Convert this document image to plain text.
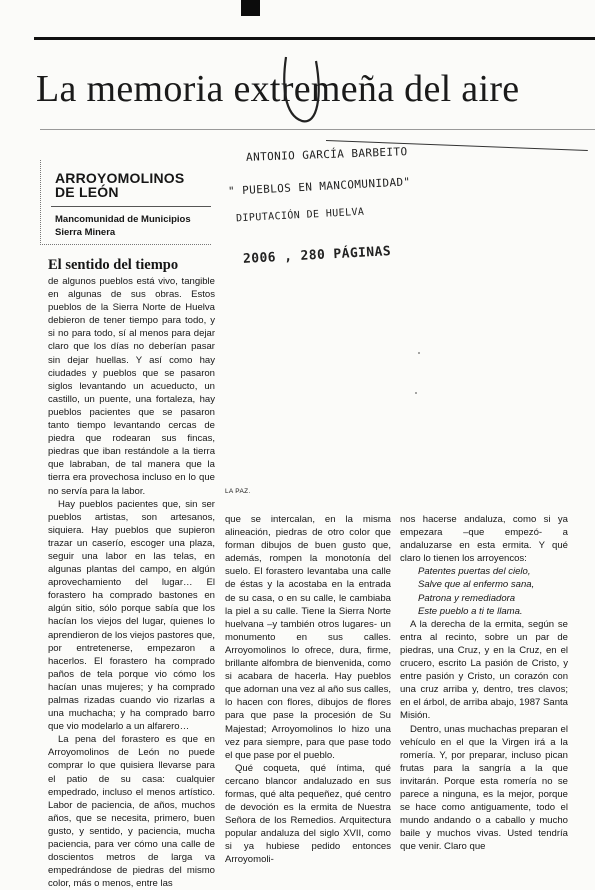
La memoria extremeña del aire
ARROYOMOLINOS
DE LEÓN
Mancomunidad de Municipios
Sierra Minera
ANTONIO GARCÍA BARBEITO
" PUEBLOS EN MANCOMUNIDAD"
DIPUTACIÓN DE HUELVA
2006 , 280 PÁGINAS
El sentido del tiempo

de algunos pueblos está vivo, tangible en algunas de sus obras. Estos pueblos de la Sierra Norte de Huelva debieron de tener tiempo para todo, y si no para todo, sí al menos para dejar claro que los días no deberían pasar sin dejar huellas. Y así como hay ciudades y pueblos que se pasaron siglos levantando un acueducto, un castillo, un puente, una fortaleza, hay pueblos pacientes que se pasaron tanto tiempo levantando cercas de piedra que rodearan sus fincas, piedras que iban restándole a la tierra que labraban, de tal manera que la tierra era provechosa incluso en lo que no servía para la labor.

Hay pueblos pacientes que, sin ser pueblos artistas, son artesanos, siquiera. Hay pueblos que supieron trazar un caserío, escoger una plaza, seguir una labor en las telas, en algunas plantas del campo, en algún aprovechamiento del lugar… El forastero ha comprado bastones en algún sitio, sólo porque sabía que los hacían los viejos del lugar, quienes lo aprendieron de los viejos pastores que, por entretenerse, empezaron a hacerlos. El forastero ha comprado paños de tela porque vio cómo los hacían unas mujeres; y ha comprado palmas rizadas cuando vio rizarlas a una muchacha; y ha comprado barro que vio modelarlo a un alfarero…

La pena del forastero es que en Arroyomolinos de León no puede comprar lo que quisiera llevarse para el patio de su casa: cualquier empedrado, incluso el menos artístico. Labor de paciencia, de años, muchos años, que se necesita, primero, buen gusto, y sentido, y paciencia, mucha paciencia, para ver cómo una calle de doscientos metros de larga va empedrándose de piedras del mismo color, más o menos, entre las

LA PAZ.

que se intercalan, en la misma alineación, piedras de otro color que forman dibujos de buen gusto que, además, rompen la monotonía del suelo. El forastero levantaba una calle de éstas y la acostaba en la entrada de su casa, o en su calle, le cambiaba la piel a su calle. Tiene la Sierra Norte huelvana –y también otros lugares- un monumento en sus calles. Arroyomolinos lo ofrece, dura, firme, brillante alfombra de bienvenida, como si acabara de hacerla. Hay pueblos que adornan una vez al año sus calles, lo hacen con flores, dibujos de flores para que pase la procesión de Su Majestad; Arroyomolinos lo hizo una vez para siempre, para que pase todo el que pase por el pueblo.

Qué coqueta, qué íntima, qué cercano blancor andaluzado en sus formas, qué alta pequeñez, qué centro de devoción es la ermita de Nuestra Señora de los Remedios. Arquitectura popular andaluza del siglo XVII, como si ya hubiese pedido entonces Arroyomoli-

nos hacerse andaluza, como si ya empezara –que empezó- a andaluzarse en esta ermita. Y qué claro lo tienen los arroyencos:

Patentes puertas del cielo,
Salve que al enfermo sana,
Patrona y remediadora
Este pueblo a ti te llama.

A la derecha de la ermita, según se entra al recinto, sobre un par de piedras, una Cruz, y en la Cruz, en el crucero, escrito La pasión de Cristo, y entre pasión y Cristo, un corazón con una cruz arriba y, dentro, tres clavos; en el árbol, de arriba abajo, 1987 Santa Misión.

Dentro, unas muchachas preparan el vehículo en el que la Virgen irá a la romería. Y, por preparar, incluso pican frutas para la sangría a la que invitarán. Porque esta romería no se parece a ninguna, es la mejor, porque se hace como antiguamente, todo el mundo andando o a caballo y mucho baile y muchos vivas. Usted tendría que venir. Claro que
